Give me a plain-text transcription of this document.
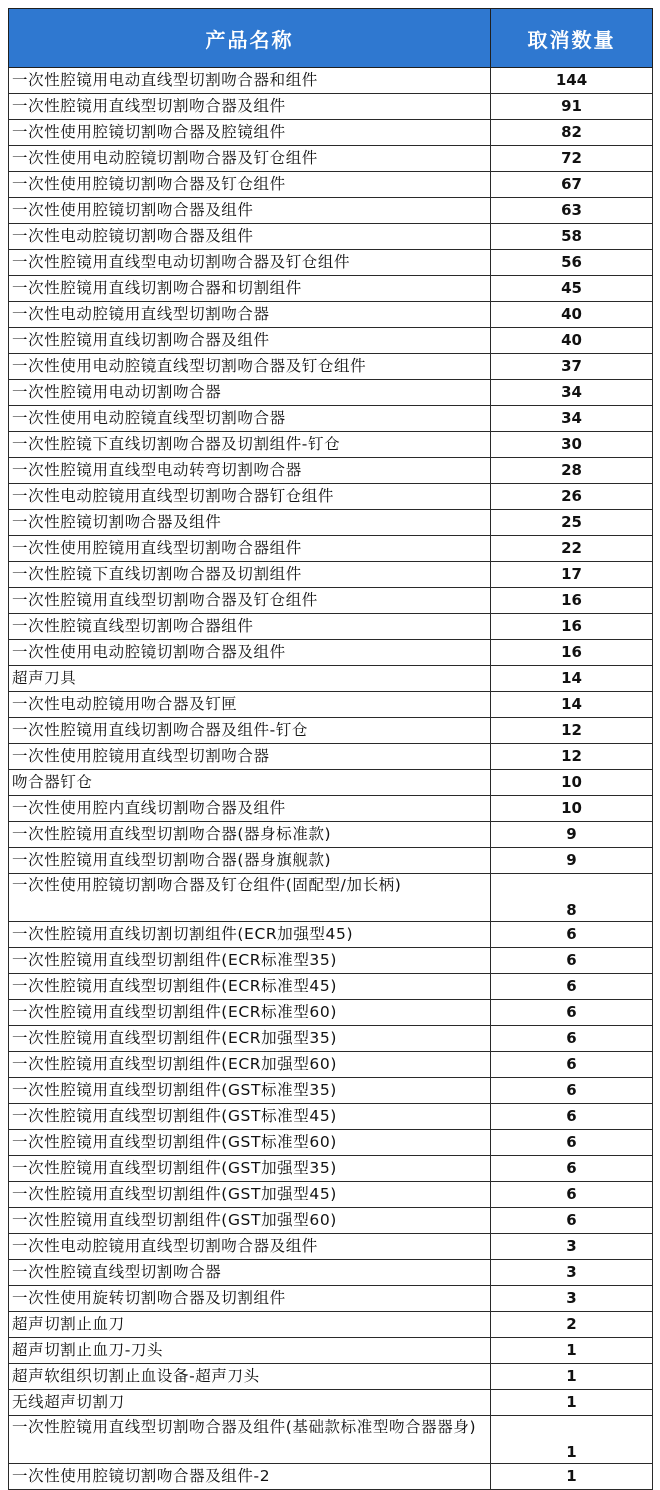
产品名称	取消数量
一次性腔镜用电动直线型切割吻合器和组件	144
一次性腔镜用直线型切割吻合器及组件	91
一次性使用腔镜切割吻合器及腔镜组件	82
一次性使用电动腔镜切割吻合器及钉仓组件	72
一次性使用腔镜切割吻合器及钉仓组件	67
一次性使用腔镜切割吻合器及组件	63
一次性电动腔镜切割吻合器及组件	58
一次性腔镜用直线型电动切割吻合器及钉仓组件	56
一次性腔镜用直线切割吻合器和切割组件	45
一次性电动腔镜用直线型切割吻合器	40
一次性腔镜用直线切割吻合器及组件	40
一次性使用电动腔镜直线型切割吻合器及钉仓组件	37
一次性腔镜用电动切割吻合器	34
一次性使用电动腔镜直线型切割吻合器	34
一次性腔镜下直线切割吻合器及切割组件-钉仓	30
一次性腔镜用直线型电动转弯切割吻合器	28
一次性电动腔镜用直线型切割吻合器钉仓组件	26
一次性腔镜切割吻合器及组件	25
一次性使用腔镜用直线型切割吻合器组件	22
一次性腔镜下直线切割吻合器及切割组件	17
一次性腔镜用直线型切割吻合器及钉仓组件	16
一次性腔镜直线型切割吻合器组件	16
一次性使用电动腔镜切割吻合器及组件	16
超声刀具	14
一次性电动腔镜用吻合器及钉匣	14
一次性腔镜用直线切割吻合器及组件-钉仓	12
一次性使用腔镜用直线型切割吻合器	12
吻合器钉仓	10
一次性使用腔内直线切割吻合器及组件	10
一次性腔镜用直线型切割吻合器(器身标准款)	9
一次性腔镜用直线型切割吻合器(器身旗舰款)	9
一次性使用腔镜切割吻合器及钉仓组件(固配型/加长柄)	8
一次性腔镜用直线切割切割组件(ECR加强型45)	6
一次性腔镜用直线型切割组件(ECR标准型35)	6
一次性腔镜用直线型切割组件(ECR标准型45)	6
一次性腔镜用直线型切割组件(ECR标准型60)	6
一次性腔镜用直线型切割组件(ECR加强型35)	6
一次性腔镜用直线型切割组件(ECR加强型60)	6
一次性腔镜用直线型切割组件(GST标准型35)	6
一次性腔镜用直线型切割组件(GST标准型45)	6
一次性腔镜用直线型切割组件(GST标准型60)	6
一次性腔镜用直线型切割组件(GST加强型35)	6
一次性腔镜用直线型切割组件(GST加强型45)	6
一次性腔镜用直线型切割组件(GST加强型60)	6
一次性电动腔镜用直线型切割吻合器及组件	3
一次性腔镜直线型切割吻合器	3
一次性使用旋转切割吻合器及切割组件	3
超声切割止血刀	2
超声切割止血刀-刀头	1
超声软组织切割止血设备-超声刀头	1
无线超声切割刀	1
一次性腔镜用直线型切割吻合器及组件(基础款标准型吻合器器身)	1
一次性使用腔镜切割吻合器及组件-2	1
